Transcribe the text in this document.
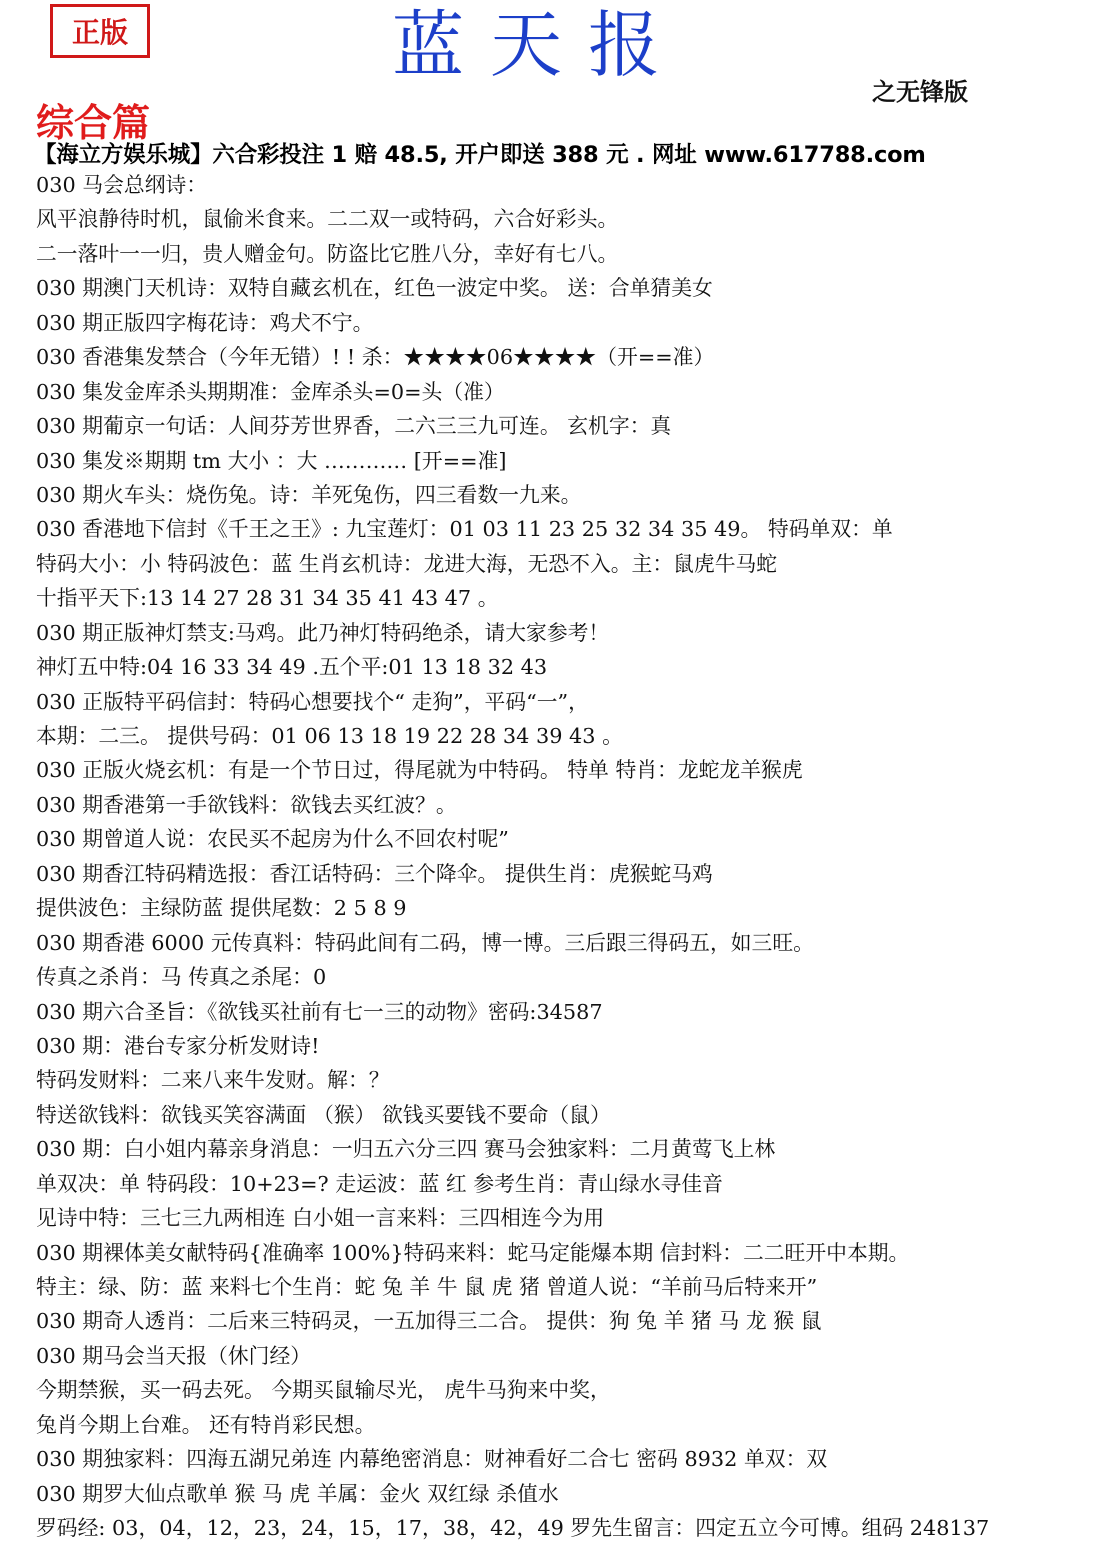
正版	蓝天报
之无锋版
综合篇
【海立方娱乐城】六合彩投注 1 赔 48.5, 开户即送 388 元 . 网址 www.617788.com
030 马会总纲诗：
风平浪静待时机，鼠偷米食来。二二双一或特码，六合好彩头。
二一落叶一一归，贵人赠金句。防盗比它胜八分，幸好有七八。
030 期澳门天机诗：双特自藏玄机在，红色一波定中奖。 送：合单猜美女
030 期正版四字梅花诗：鸡犬不宁。
030 香港集发禁合（今年无错）! ! 杀：★★★★06★★★★（开==准）
030 集发金库杀头期期准：金库杀头=0=头（准）
030 期葡京一句话：人间芬芳世界香，二六三三九可连。 玄机字：真
030 集发※期期 tm 大小 ：大 ………… [开==准]
030 期火车头：烧伤兔。诗：羊死兔伤，四三看数一九来。
030 香港地下信封《千王之王》: 九宝莲灯：01 03 11 23 25 32 34 35 49。 特码单双：单
特码大小：小 特码波色：蓝 生肖玄机诗：龙进大海，无恐不入。主：鼠虎牛马蛇
十指平天下:13 14 27 28 31 34 35 41 43 47 。
030 期正版神灯禁支:马鸡。此乃神灯特码绝杀，请大家参考！
神灯五中特:04 16 33 34 49 .五个平:01 13 18 32 43
030 正版特平码信封：特码心想要找个“ 走狗”，平码“一”，
本期：二三。 提供号码：01 06 13 18 19 22 28 34 39 43 。
030 正版火烧玄机：有是一个节日过，得尾就为中特码。 特单 特肖：龙蛇龙羊猴虎
030 期香港第一手欲钱料：欲钱去买红波？。
030 期曾道人说：农民买不起房为什么不回农村呢”
030 期香江特码精选报：香江话特码：三个降伞。 提供生肖：虎猴蛇马鸡
提供波色：主绿防蓝 提供尾数：2 5 8 9
030 期香港 6000 元传真料：特码此间有二码，博一博。三后跟三得码五，如三旺。
传真之杀肖：马 传真之杀尾：0
030 期六合圣旨：《欲钱买社前有七一三的动物》密码:34587
030 期：港台专家分析发财诗!
特码发财料：二来八来牛发财。解：？
特送欲钱料：欲钱买笑容满面 （猴） 欲钱买要钱不要命（鼠）
030 期：白小姐内幕亲身消息：一归五六分三四 赛马会独家料：二月黄莺飞上林
单双决：单 特码段：10+23=? 走运波：蓝 红 参考生肖：青山绿水寻佳音
见诗中特：三七三九两相连 白小姐一言来料：三四相连今为用
030 期裸体美女献特码{准确率 100%}特码来料：蛇马定能爆本期 信封料：二二旺开中本期。
特主：绿、防：蓝 来料七个生肖：蛇 兔 羊 牛 鼠 虎 猪 曾道人说：“羊前马后特来开”
030 期奇人透肖：二后来三特码灵，一五加得三二合。 提供：狗 兔 羊 猪 马 龙 猴 鼠
030 期马会当天报（休门经）
今期禁猴，买一码去死。 今期买鼠输尽光， 虎牛马狗来中奖，
兔肖今期上台难。 还有特肖彩民想。
030 期独家料：四海五湖兄弟连 内幕绝密消息：财神看好二合七 密码 8932 单双：双
030 期罗大仙点歌单 猴 马 虎 羊属：金火 双红绿 杀值水
罗码经: 03，04，12，23，24，15，17，38，42，49 罗先生留言：四定五立今可博。组码 248137
